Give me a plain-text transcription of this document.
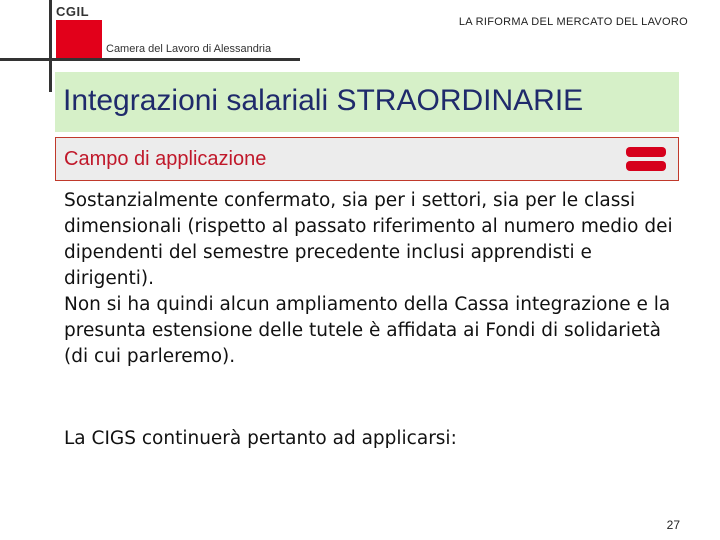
CGIL
Camera del Lavoro di Alessandria
LA RIFORMA DEL MERCATO DEL LAVORO
Integrazioni salariali STRAORDINARIE
Campo di applicazione

Sostanzialmente confermato, sia per i settori, sia per le classi dimensionali (rispetto al passato riferimento al numero medio dei dipendenti del semestre precedente inclusi apprendisti e dirigenti).

Non si ha quindi alcun ampliamento della Cassa integrazione e la presunta estensione delle tutele è affidata ai Fondi di solidarietà (di cui parleremo).

La CIGS continuerà pertanto ad applicarsi:
27
